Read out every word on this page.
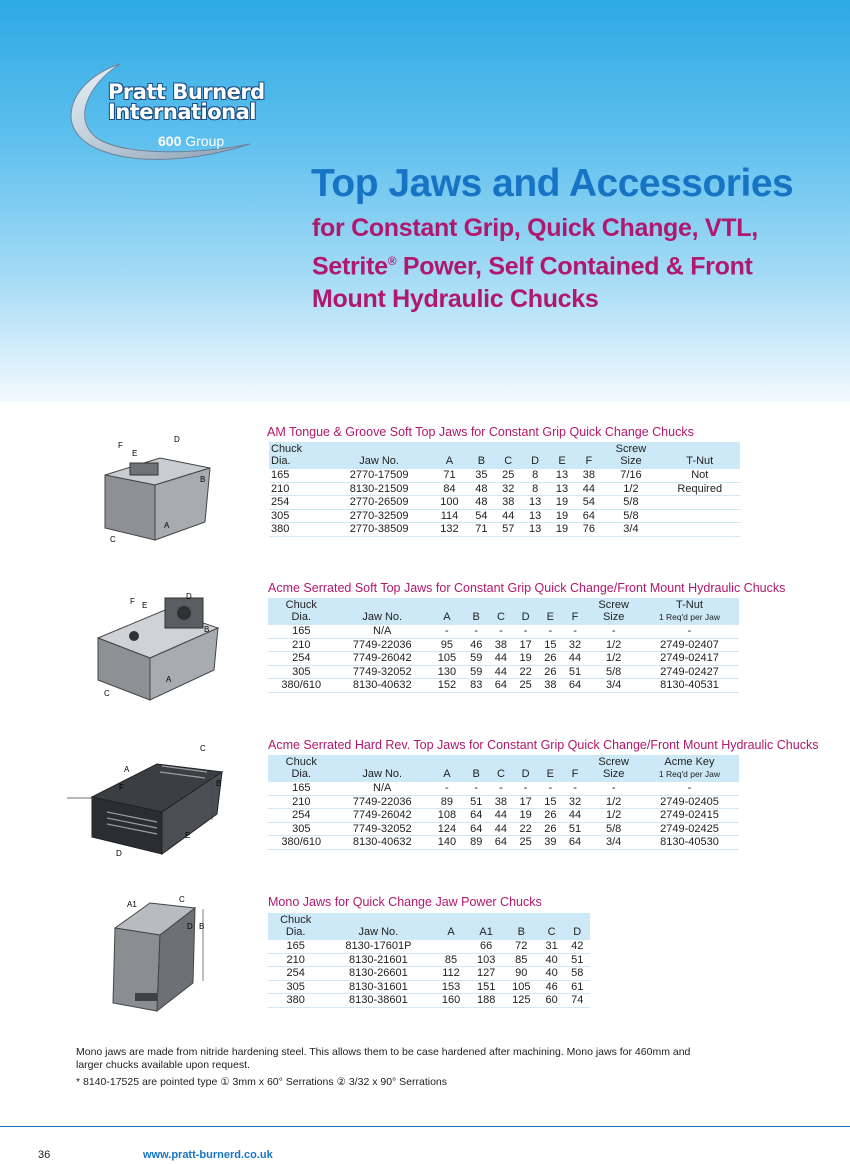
Pratt Burnerd
International
600 Group
Top Jaws and Accessories
for Constant Grip, Quick Change, VTL, Setrite® Power, Self Contained & Front Mount Hydraulic Chucks
F
D
E
B
A
C
AM Tongue & Groove Soft Top Jaws for Constant Grip Quick Change Chucks
Chuck
Dia.	Jaw No.	A	B	C	D	E	F	Screw
Size	T-Nut
165	2770-17509	71	35	25	8	13	38	7/16	Not
210	8130-21509	84	48	32	8	13	44	1/2	Required
254	2770-26509	100	48	38	13	19	54	5/8	
305	2770-32509	114	54	44	13	19	64	5/8	
380	2770-38509	132	71	57	13	19	76	3/4	
F E
D
B
A
C
Acme Serrated Soft Top Jaws for Constant Grip Quick Change/Front Mount Hydraulic Chucks
Chuck
Dia.	Jaw No.	A	B	C	D	E	F	Screw
Size	T-Nut
1 Req'd per Jaw
165	N/A	-	-	-	-	-	-	-	-
210	7749-22036	95	46	38	17	15	32	1/2	2749-02407
254	7749-26042	105	59	44	19	26	44	1/2	2749-02417
305	7749-32052	130	59	44	22	26	51	5/8	2749-02427
380/610	8130-40632	152	83	64	25	38	64	3/4	8130-40531
C
A
B
F
E
D
Acme Serrated Hard Rev. Top Jaws for Constant Grip Quick Change/Front Mount Hydraulic Chucks
Chuck
Dia.	Jaw No.	A	B	C	D	E	F	Screw
Size	Acme Key
1 Req'd per Jaw
165	N/A	-	-	-	-	-	-	-	-
210	7749-22036	89	51	38	17	15	32	1/2	2749-02405
254	7749-26042	108	64	44	19	26	44	1/2	2749-02415
305	7749-32052	124	64	44	22	26	51	5/8	2749-02425
380/610	8130-40632	140	89	64	25	39	64	3/4	8130-40530
A1
C
D B
Mono Jaws for Quick Change Jaw Power Chucks
Chuck
Dia.	Jaw No.	A	A1	B	C	D
165	8130-17601P		66	72	31	42
210	8130-21601	85	103	85	40	51
254	8130-26601	112	127	90	40	58
305	8130-31601	153	151	105	46	61
380	8130-38601	160	188	125	60	74

Mono jaws are made from nitride hardening steel. This allows them to be case hardened after machining. Mono jaws for 460mm and larger chucks available upon request.

* 8140-17525 are pointed type ① 3mm x 60° Serrations ② 3/32 x 90° Serrations

36	www.pratt-burnerd.co.uk
